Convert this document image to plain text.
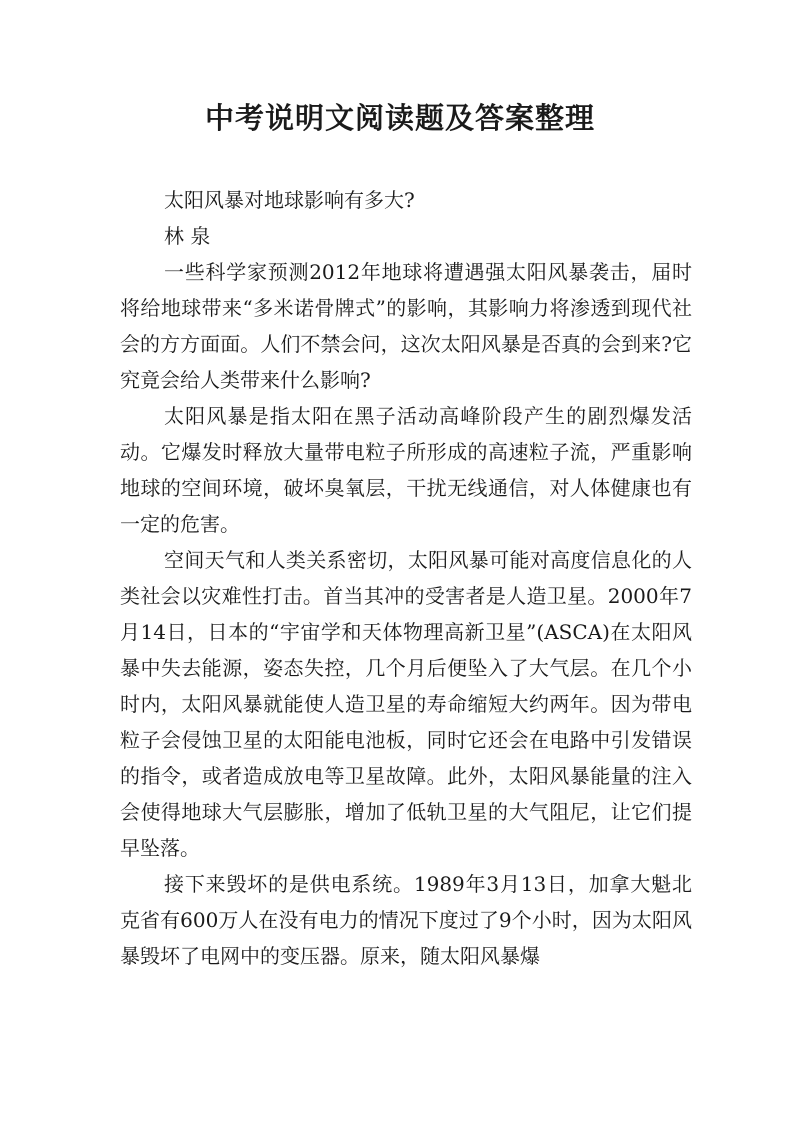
中考说明文阅读题及答案整理

太阳风暴对地球影响有多大?

林 泉

一些科学家预测2012年地球将遭遇强太阳风暴袭击，届时将给地球带来“多米诺骨牌式”的影响，其影响力将渗透到现代社会的方方面面。人们不禁会问，这次太阳风暴是否真的会到来?它究竟会给人类带来什么影响?

太阳风暴是指太阳在黑子活动高峰阶段产生的剧烈爆发活动。它爆发时释放大量带电粒子所形成的高速粒子流，严重影响地球的空间环境，破坏臭氧层，干扰无线通信，对人体健康也有一定的危害。

空间天气和人类关系密切，太阳风暴可能对高度信息化的人类社会以灾难性打击。首当其冲的受害者是人造卫星。2000年7月14日，日本的“宇宙学和天体物理高新卫星”(ASCA)在太阳风暴中失去能源，姿态失控，几个月后便坠入了大气层。在几个小时内，太阳风暴就能使人造卫星的寿命缩短大约两年。因为带电粒子会侵蚀卫星的太阳能电池板，同时它还会在电路中引发错误的指令，或者造成放电等卫星故障。此外，太阳风暴能量的注入会使得地球大气层膨胀，增加了低轨卫星的大气阻尼，让它们提早坠落。

接下来毁坏的是供电系统。1989年3月13日，加拿大魁北克省有600万人在没有电力的情况下度过了9个小时，因为太阳风暴毁坏了电网中的变压器。原来，随太阳风暴爆
